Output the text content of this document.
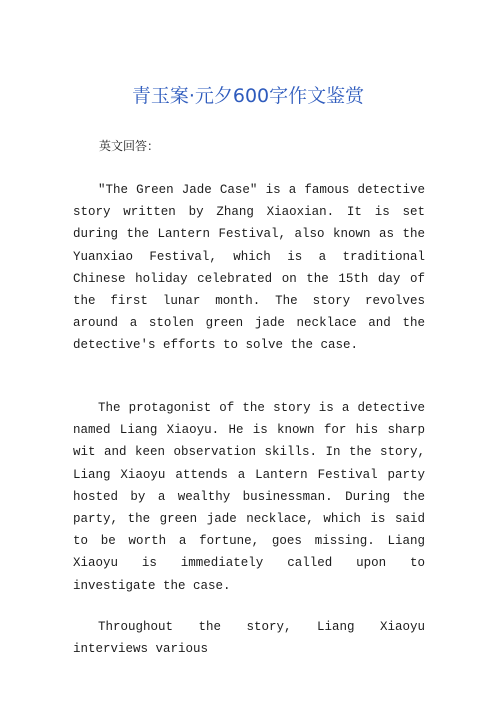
青玉案·元夕600字作文鉴赏
英文回答：

"The Green Jade Case" is a famous detective story written by Zhang Xiaoxian. It is set during the Lantern Festival, also known as the Yuanxiao Festival, which is a traditional Chinese holiday celebrated on the 15th day of the first lunar month. The story revolves around a stolen green jade necklace and the detective's efforts to solve the case.

The protagonist of the story is a detective named Liang Xiaoyu. He is known for his sharp wit and keen observation skills. In the story, Liang Xiaoyu attends a Lantern Festival party hosted by a wealthy businessman. During the party, the green jade necklace, which is said to be worth a fortune, goes missing. Liang Xiaoyu is immediately called upon to investigate the case.

Throughout the story, Liang Xiaoyu interviews various
